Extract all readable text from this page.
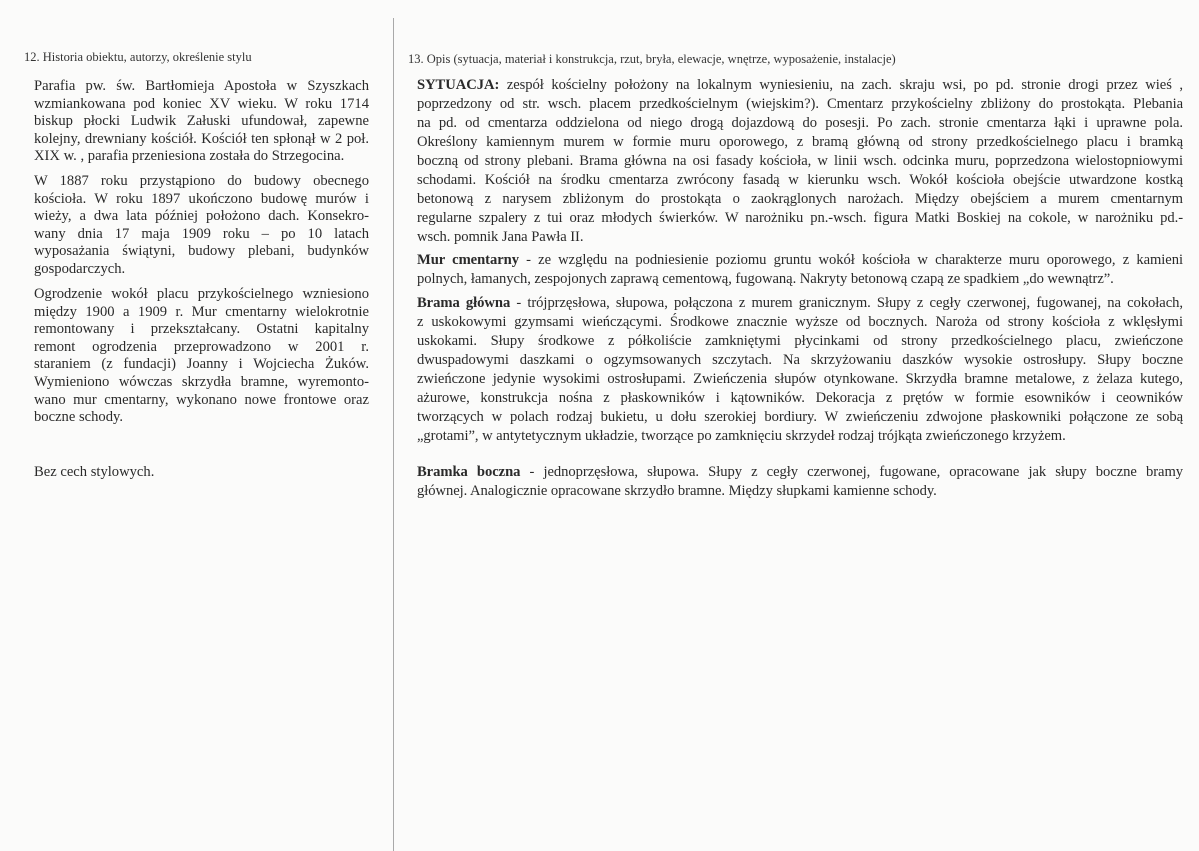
12. Historia obiektu, autorzy, określenie stylu	13. Opis (sytuacja, materiał i konstrukcja, rzut, bryła, elewacje, wnętrze, wyposażenie, instalacje)
Parafia pw. św. Bartłomieja Apostoła w Szyszkach
wzmiankowana pod koniec XV wieku. W roku 1714
biskup płocki Ludwik Załuski ufundował, zapewne
kolejny, drewniany kościół. Kościół ten spłonął w 2 poł.
XIX w. , parafia przeniesiona została do Strzegocina.
W 1887 roku przystąpiono do budowy obecnego
kościoła. W roku 1897 ukończono budowę murów i
wieży, a dwa lata później położono dach. Konsekro-
wany dnia 17 maja 1909 roku – po 10 latach
wyposażania świątyni, budowy plebani, budynków
gospodarczych.
Ogrodzenie wokół placu przykościelnego wzniesiono
między 1900 a 1909 r. Mur cmentarny wielokrotnie
remontowany i przekształcany. Ostatni kapitalny
remont ogrodzenia przeprowadzono w 2001 r.
staraniem (z fundacji) Joanny i Wojciecha Żuków.
Wymieniono wówczas skrzydła bramne, wyremonto-
wano mur cmentarny, wykonano nowe frontowe oraz
boczne schody.
Bez cech stylowych.
SYTUACJA: zespół kościelny położony na lokalnym wyniesieniu, na zach. skraju wsi, po pd. stronie drogi przez wieś ,
poprzedzony od str. wsch. placem przedkościelnym (wiejskim?). Cmentarz przykościelny zbliżony do prostokąta. Plebania
na pd. od cmentarza oddzielona od niego drogą dojazdową do posesji. Po zach. stronie cmentarza łąki i uprawne pola.
Określony kamiennym murem w formie muru oporowego, z bramą główną od strony przedkościelnego placu i bramką
boczną od strony plebani. Brama główna na osi fasady kościoła, w linii wsch. odcinka muru, poprzedzona wielostopniowymi
schodami. Kościół na środku cmentarza zwrócony fasadą w kierunku wsch. Wokół kościoła obejście utwardzone kostką
betonową z narysem zbliżonym do prostokąta o zaokrąglonych narożach. Między obejściem a murem cmentarnym
regularne szpalery z tui oraz młodych świerków. W narożniku pn.-wsch. figura Matki Boskiej na cokole, w narożniku pd.-
wsch. pomnik Jana Pawła II.
Mur cmentarny - ze względu na podniesienie poziomu gruntu wokół kościoła w charakterze muru oporowego, z kamieni
polnych, łamanych, zespojonych zaprawą cementową, fugowaną. Nakryty betonową czapą ze spadkiem „do wewnątrz”.
Brama główna - trójprzęsłowa, słupowa, połączona z murem granicznym. Słupy z cegły czerwonej, fugowanej, na cokołach,
z uskokowymi gzymsami wieńczącymi. Środkowe znacznie wyższe od bocznych. Naroża od strony kościoła z wklęsłymi
uskokami. Słupy środkowe z półkoliście zamkniętymi płycinkami od strony przedkościelnego placu, zwieńczone
dwuspadowymi daszkami o ogzymsowanych szczytach. Na skrzyżowaniu daszków wysokie ostrosłupy. Słupy boczne
zwieńczone jedynie wysokimi ostrosłupami. Zwieńczenia słupów otynkowane. Skrzydła bramne metalowe, z żelaza kutego,
ażurowe, konstrukcja nośna z płaskowników i kątowników. Dekoracja z prętów w formie esowników i ceowników
tworzących w polach rodzaj bukietu, u dołu szerokiej bordiury. W zwieńczeniu zdwojone płaskowniki połączone ze sobą
„grotami”, w antytetycznym układzie, tworzące po zamknięciu skrzydeł rodzaj trójkąta zwieńczonego krzyżem.
Bramka boczna - jednoprzęsłowa, słupowa. Słupy z cegły czerwonej, fugowane, opracowane jak słupy boczne bramy
głównej. Analogicznie opracowane skrzydło bramne. Między słupkami kamienne schody.
